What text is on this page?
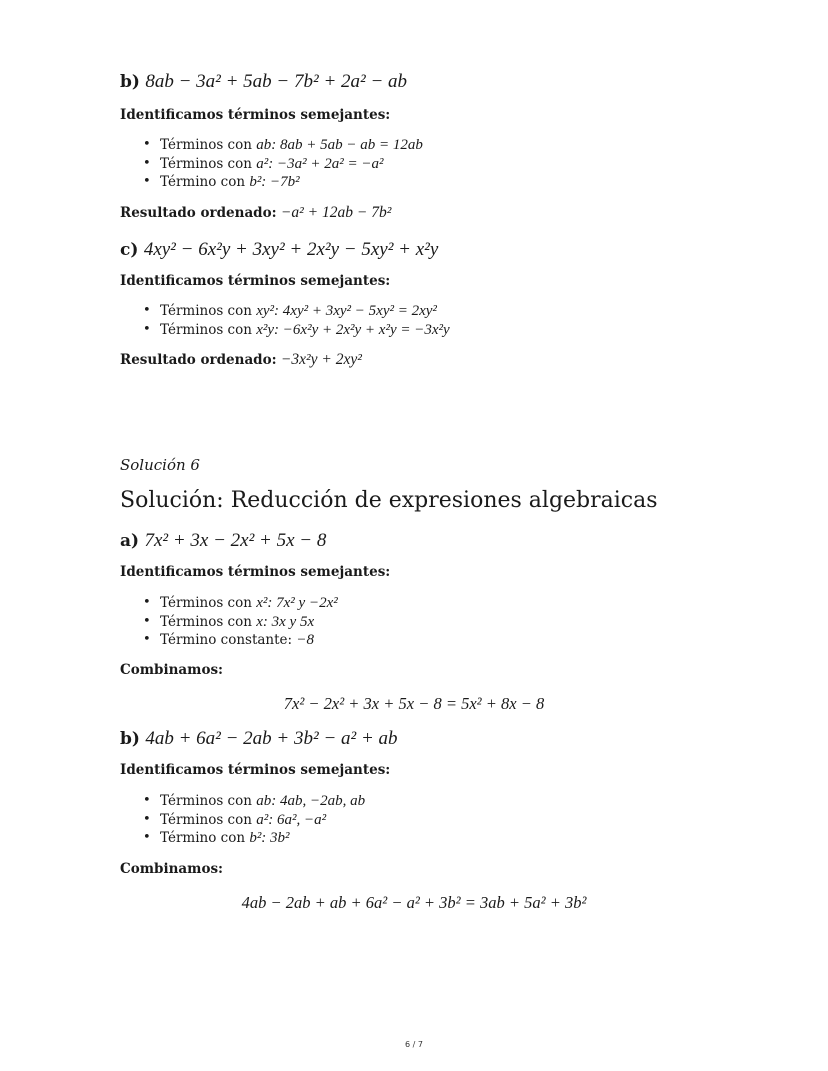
b) 8ab − 3a² + 5ab − 7b² + 2a² − ab
Identificamos términos semejantes:
• Términos con ab: 8ab + 5ab − ab = 12ab
• Términos con a²: −3a² + 2a² = −a²
• Término con b²: −7b²
Resultado ordenado: −a² + 12ab − 7b²
c) 4xy² − 6x²y + 3xy² + 2x²y − 5xy² + x²y
Identificamos términos semejantes:
• Términos con xy²: 4xy² + 3xy² − 5xy² = 2xy²
• Términos con x²y: −6x²y + 2x²y + x²y = −3x²y
Resultado ordenado: −3x²y + 2xy²
Solución 6
Solución: Reducción de expresiones algebraicas
a) 7x² + 3x − 2x² + 5x − 8
Identificamos términos semejantes:
• Términos con x²: 7x² y −2x²
• Términos con x: 3x y 5x
• Término constante: −8
Combinamos:
7x² − 2x² + 3x + 5x − 8 = 5x² + 8x − 8
b) 4ab + 6a² − 2ab + 3b² − a² + ab
Identificamos términos semejantes:
• Términos con ab: 4ab, −2ab, ab
• Términos con a²: 6a², −a²
• Término con b²: 3b²
Combinamos:
4ab − 2ab + ab + 6a² − a² + 3b² = 3ab + 5a² + 3b²
6 / 7
